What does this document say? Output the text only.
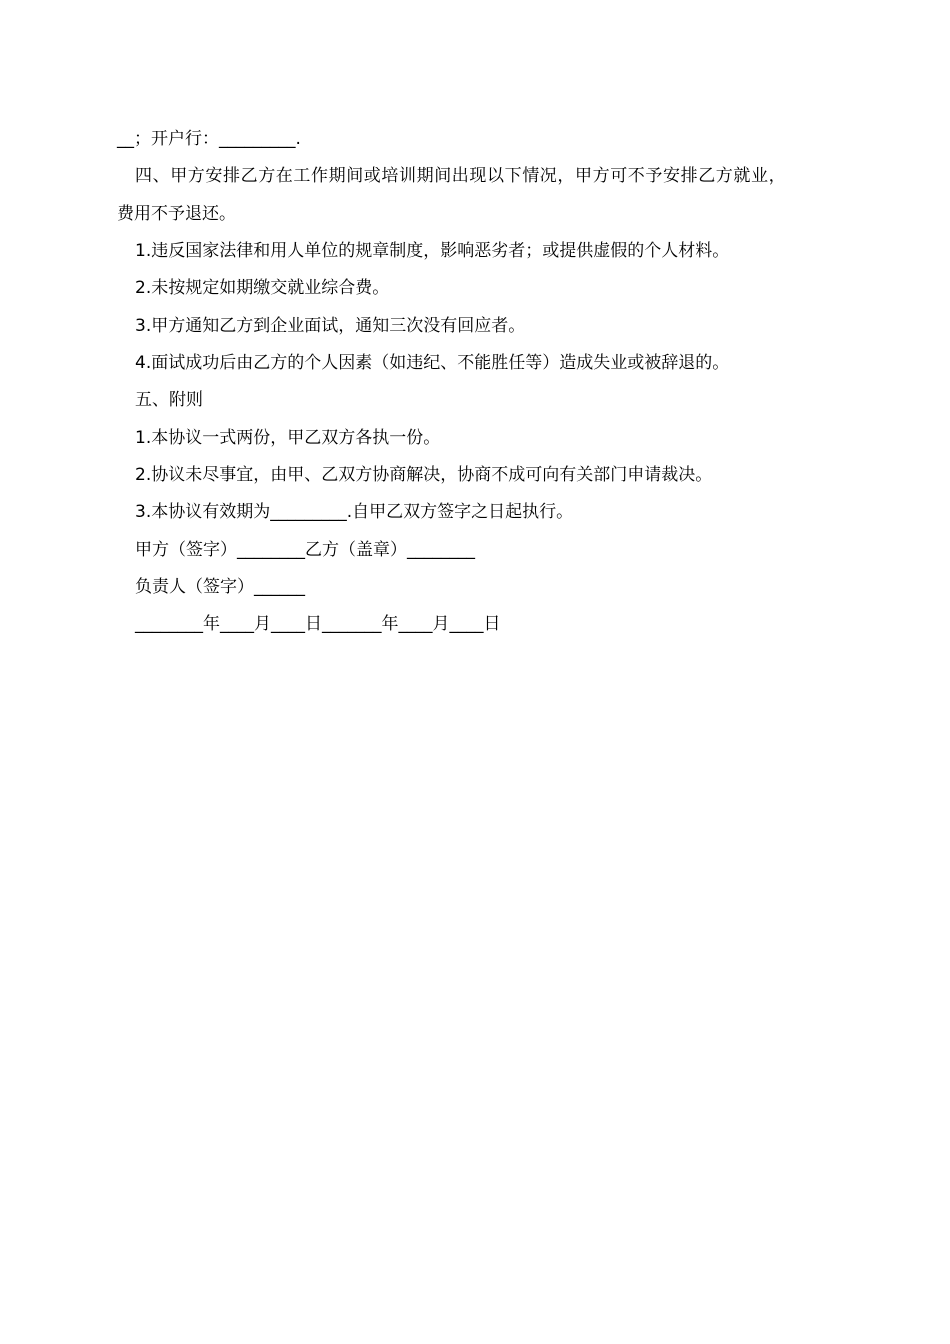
__；开户行：_________.
四、甲方安排乙方在工作期间或培训期间出现以下情况，甲方可不予安排乙方就业，
费用不予退还。
1.违反国家法律和用人单位的规章制度，影响恶劣者；或提供虚假的个人材料。
2.未按规定如期缴交就业综合费。
3.甲方通知乙方到企业面试，通知三次没有回应者。
4.面试成功后由乙方的个人因素（如违纪、不能胜任等）造成失业或被辞退的。
五、附则
1.本协议一式两份，甲乙双方各执一份。
2.协议未尽事宜，由甲、乙双方协商解决，协商不成可向有关部门申请裁决。
3.本协议有效期为_________.自甲乙双方签字之日起执行。
甲方（签字）________乙方（盖章）________
负责人（签字）______
________年____月____日_______年____月____日
